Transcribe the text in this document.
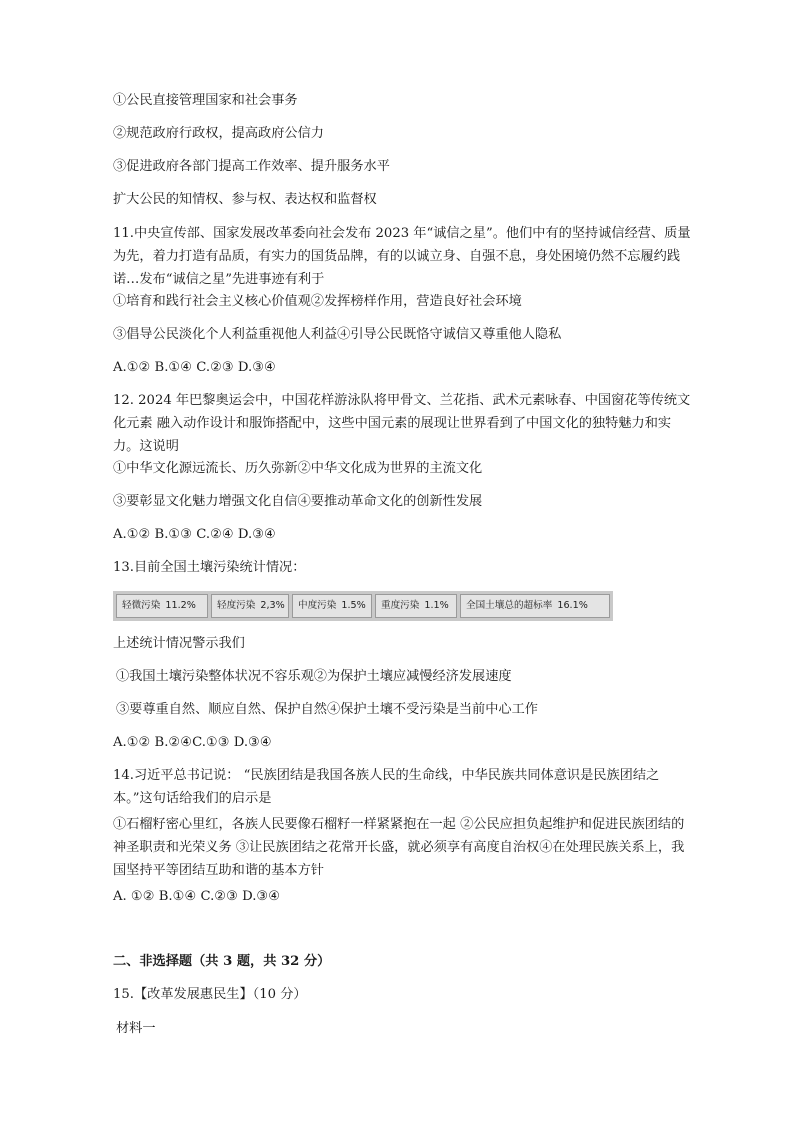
①公民直接管理国家和社会事务
②规范政府行政权，提高政府公信力
③促进政府各部门提高工作效率、提升服务水平
扩大公民的知情权、参与权、表达权和监督权
11.中央宣传部、国家发展改革委向社会发布 2023 年“诚信之星”。他们中有的坚持诚信经营、质量为先，着力打造有品质，有实力的国货品牌，有的以诚立身、自强不息，身处困境仍然不忘履约践诺…发布“诚信之星”先进事迹有利于
①培育和践行社会主义核心价值观②发挥榜样作用，营造良好社会环境
③倡导公民淡化个人利益重视他人利益④引导公民既恪守诚信又尊重他人隐私
A.①② B.①④ C.②③ D.③④
12. 2024 年巴黎奥运会中，中国花样游泳队将甲骨文、兰花指、武术元素咏春、中国窗花等传统文化元素 融入动作设计和服饰搭配中，这些中国元素的展现让世界看到了中国文化的独特魅力和实力。这说明
①中华文化源远流长、历久弥新②中华文化成为世界的主流文化
③要彰显文化魅力增强文化自信④要推动革命文化的创新性发展
A.①② B.①③ C.②④ D.③④
13.目前全国土壤污染统计情况：
轻微污染 11.2%	轻度污染 2,3%	中度污染 1.5%	重度污染 1.1%	全国土壤总的超标率 16.1%
上述统计情况警示我们
①我国土壤污染整体状况不容乐观②为保护土壤应减慢经济发展速度
③要尊重自然、顺应自然、保护自然④保护土壤不受污染是当前中心工作
A.①② B.②④C.①③ D.③④
14.习近平总书记说： “民族团结是我国各族人民的生命线，中华民族共同体意识是民族团结之本。”这句话给我们的启示是
①石榴籽密心里红，各族人民要像石榴籽一样紧紧抱在一起 ②公民应担负起维护和促进民族团结的神圣职责和光荣义务 ③让民族团结之花常开长盛，就必须享有高度自治权④在处理民族关系上，我国坚持平等团结互助和谐的基本方针
A. ①② B.①④ C.②③ D.③④
二、非选择题（共 3 题，共 32 分）
15.【改革发展惠民生】（10 分）
材料一
